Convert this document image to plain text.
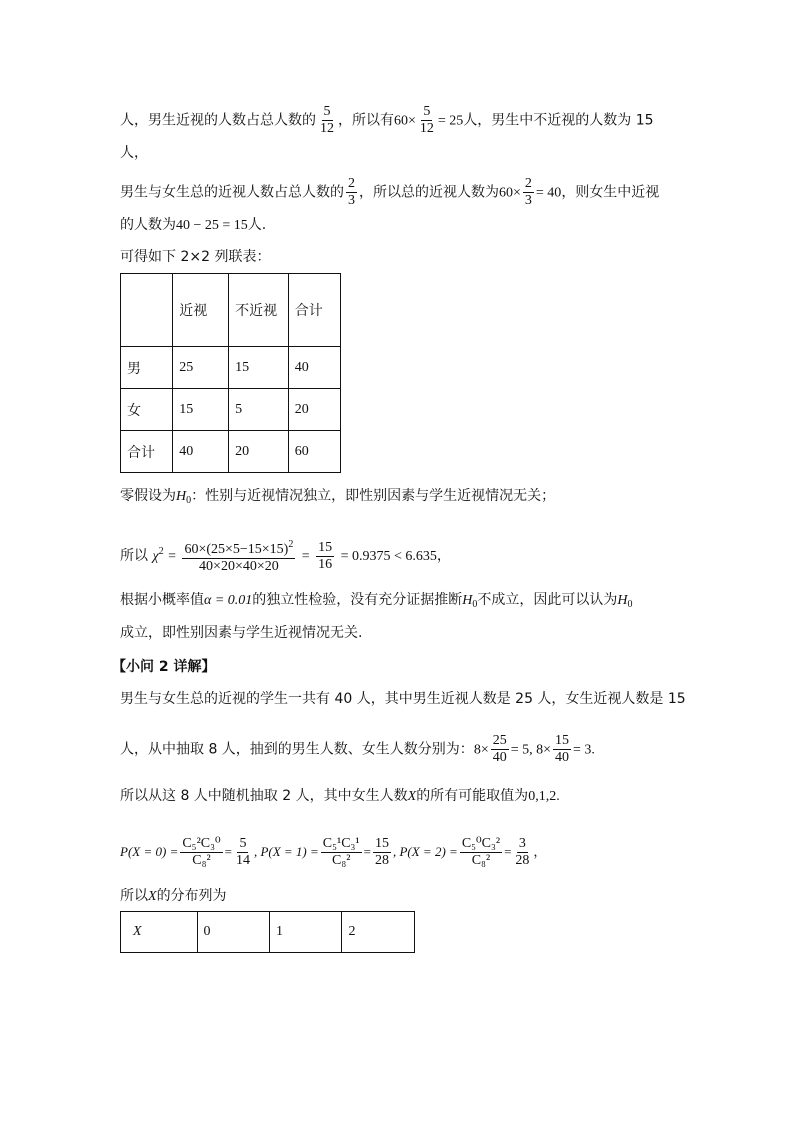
人，男生近视的人数占总人数的 $\frac{5}{12}$ ，所以有$60\times \frac{5}{12} = 25$人，男生中不近视的人数为 15
人，
男生与女生总的近视人数占总人数的 $\frac{2}{3}$ ，所以总的近视人数为$60\times \frac{2}{3} = 40$，则女生中近视
的人数为40 − 25 = 15人.
可得如下 2×2 列联表：
	近视	不近视	合计
男	25	15	40
女	15	5	20
合计	40	20	60
零假设为$H_0$：性别与近视情况独立，即性别因素与学生近视情况无关；
所以 $\chi^2 = \frac{60\times(25\times 5-15\times 15)^2}{40\times 20\times 40\times 20} = \frac{15}{16} = 0.9375 < 6.635$，
根据小概率值α = 0.01的独立性检验，没有充分证据推断$H_0$不成立，因此可以认为$H_0$
成立，即性别因素与学生近视情况无关.
【小问 2 详解】
男生与女生总的近视的学生一共有 40 人，其中男生近视人数是 25 人，女生近视人数是 15
人，从中抽取 8 人，抽到的男生人数、女生人数分别为：$8\times \frac{25}{40} = 5$, $8\times \frac{15}{40} = 3$.
所以从这 8 人中随机抽取 2 人，其中女生人数X的所有可能取值为0,1,2.
$P(X = 0) = \frac{\text{C₅²C₃⁰}}{\text{C₈²}} = \frac{5}{14}$ , $P(X = 1) = \frac{\text{C₅¹C₃¹}}{\text{C₈²}} = \frac{15}{28}$ , $P(X = 2) = \frac{\text{C₅⁰C₃²}}{\text{C₈²}} = \frac{3}{28}$ ，
所以X的分布列为
X	0	1	2
